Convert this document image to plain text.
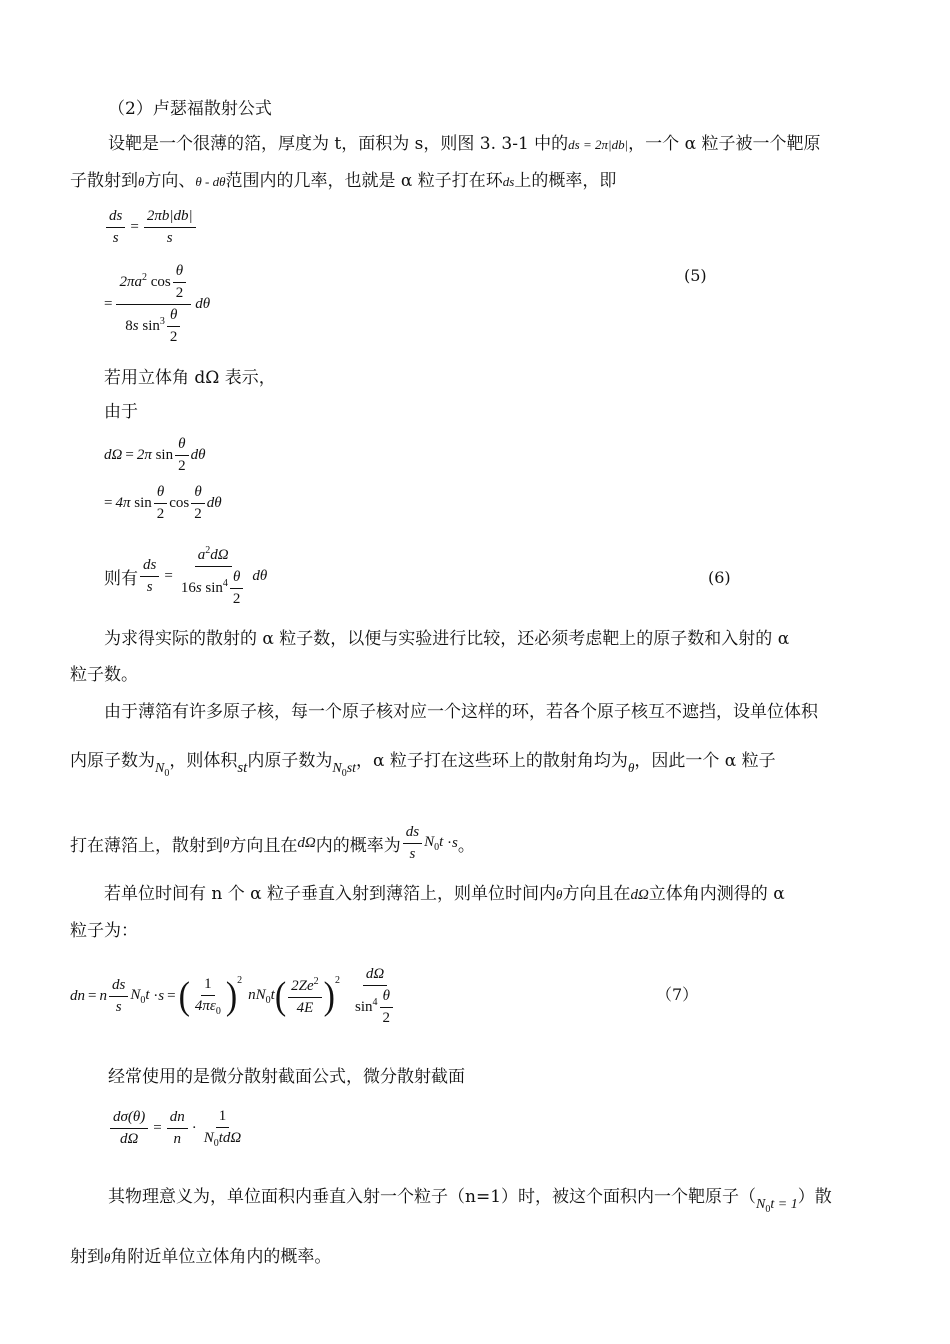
（2）卢瑟福散射公式
设靶是一个很薄的箔，厚度为 t，面积为 s，则图 3. 3-1 中的ds = 2π|db|，一个 α 粒子被一个靶原
子散射到θ方向、θ - dθ范围内的几率，也就是 α 粒子打在环ds上的概率，即
$\frac{ds}{s} = \frac{2\pi b|db|}{s}$
= $\frac{2\pi a^2 \cos \frac{\theta}{2}}{8s \sin^3 \frac{\theta}{2}}$ dθ
(5)
若用立体角 dΩ 表示，
由于
dΩ = 2π $\sin \frac{\theta}{2}$ dθ
= 4π $\sin \frac{\theta}{2}$ $\cos \frac{\theta}{2}$ dθ
则有 $\frac{ds}{s} = \frac{a^2d\Omega}{16s \sin^4 \frac{\theta}{2}}$ dθ	(6)
为求得实际的散射的 α 粒子数，以便与实验进行比较，还必须考虑靶上的原子数和入射的 α
粒子数。
由于薄箔有许多原子核，每一个原子核对应一个这样的环，若各个原子核互不遮挡，设单位体积
内原子数为$_{N_0}$，则体积st内原子数为$_{N_0st}$，α 粒子打在这些环上的散射角均为$_\theta$，因此一个 α 粒子
打在薄箔上，散射到 θ 方向且在 dΩ 内的概率为 $\frac{ds}{s} N_0t \cdot s$ 。
若单位时间有 n 个 α 粒子垂直入射到薄箔上，则单位时间内θ方向且在dΩ立体角内测得的 α
粒子为：
dn = n $\frac{ds}{s} N_0t \cdot s$ = ( $\frac{1}{4\pi\varepsilon_0} )^2$
$nN_0t$ ( $\frac{2Ze^2}{4E} )^2 \frac{d\Omega}{\sin^4 \frac{\theta}{2}}$	（7）
经常使用的是微分散射截面公式，微分散射截面
$\frac{d\sigma(\theta)}{d\Omega} = \frac{dn}{n} \cdot \frac{1}{N_0td\Omega}$
其物理意义为，单位面积内垂直入射一个粒子（n=1）时，被这个面积内一个靶原子$(_{N_0t = 1})$散
射到θ角附近单位立体角内的概率。
